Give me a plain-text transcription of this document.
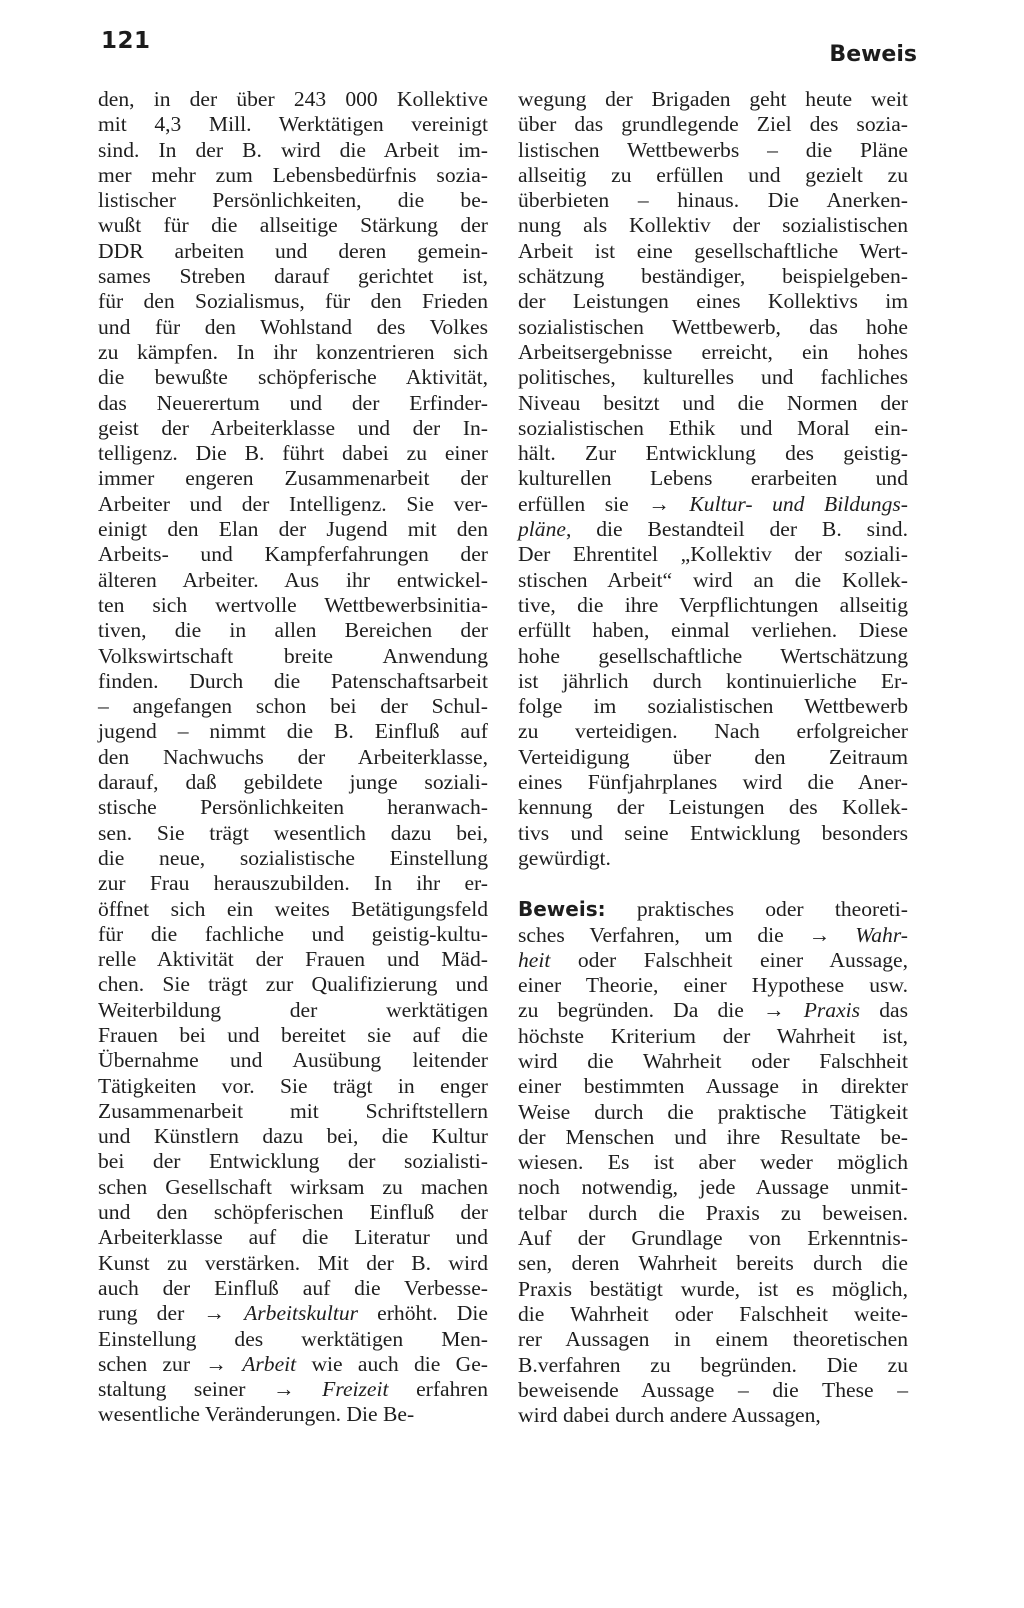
121
Beweis
den, in der über 243 000 Kollektive
mit 4,3 Mill. Werktätigen vereinigt
sind. In der B. wird die Arbeit im-
mer mehr zum Lebensbedürfnis sozia-
listischer Persönlichkeiten, die be-
wußt für die allseitige Stärkung der
DDR arbeiten und deren gemein-
sames Streben darauf gerichtet ist,
für den Sozialismus, für den Frieden
und für den Wohlstand des Volkes
zu kämpfen. In ihr konzentrieren sich
die bewußte schöpferische Aktivität,
das Neuerertum und der Erfinder-
geist der Arbeiterklasse und der In-
telligenz. Die B. führt dabei zu einer
immer engeren Zusammenarbeit der
Arbeiter und der Intelligenz. Sie ver-
einigt den Elan der Jugend mit den
Arbeits- und Kampferfahrungen der
älteren Arbeiter. Aus ihr entwickel-
ten sich wertvolle Wettbewerbsinitia-
tiven, die in allen Bereichen der
Volkswirtschaft breite Anwendung
finden. Durch die Patenschaftsarbeit
– angefangen schon bei der Schul-
jugend – nimmt die B. Einfluß auf
den Nachwuchs der Arbeiterklasse,
darauf, daß gebildete junge soziali-
stische Persönlichkeiten heranwach-
sen. Sie trägt wesentlich dazu bei,
die neue, sozialistische Einstellung
zur Frau herauszubilden. In ihr er-
öffnet sich ein weites Betätigungsfeld
für die fachliche und geistig-kultu-
relle Aktivität der Frauen und Mäd-
chen. Sie trägt zur Qualifizierung und
Weiterbildung der werktätigen
Frauen bei und bereitet sie auf die
Übernahme und Ausübung leitender
Tätigkeiten vor. Sie trägt in enger
Zusammenarbeit mit Schriftstellern
und Künstlern dazu bei, die Kultur
bei der Entwicklung der sozialisti-
schen Gesellschaft wirksam zu machen
und den schöpferischen Einfluß der
Arbeiterklasse auf die Literatur und
Kunst zu verstärken. Mit der B. wird
auch der Einfluß auf die Verbesse-
rung der → Arbeitskultur erhöht. Die
Einstellung des werktätigen Men-
schen zur → Arbeit wie auch die Ge-
staltung seiner → Freizeit erfahren
wesentliche Veränderungen. Die Be-
wegung der Brigaden geht heute weit
über das grundlegende Ziel des sozia-
listischen Wettbewerbs – die Pläne
allseitig zu erfüllen und gezielt zu
überbieten – hinaus. Die Anerken-
nung als Kollektiv der sozialistischen
Arbeit ist eine gesellschaftliche Wert-
schätzung beständiger, beispielgeben-
der Leistungen eines Kollektivs im
sozialistischen Wettbewerb, das hohe
Arbeitsergebnisse erreicht, ein hohes
politisches, kulturelles und fachliches
Niveau besitzt und die Normen der
sozialistischen Ethik und Moral ein-
hält. Zur Entwicklung des geistig-
kulturellen Lebens erarbeiten und
erfüllen sie → Kultur- und Bildungs-
pläne, die Bestandteil der B. sind.
Der Ehrentitel „Kollektiv der soziali-
stischen Arbeit“ wird an die Kollek-
tive, die ihre Verpflichtungen allseitig
erfüllt haben, einmal verliehen. Diese
hohe gesellschaftliche Wertschätzung
ist jährlich durch kontinuierliche Er-
folge im sozialistischen Wettbewerb
zu verteidigen. Nach erfolgreicher
Verteidigung über den Zeitraum
eines Fünfjahrplanes wird die Aner-
kennung der Leistungen des Kollek-
tivs und seine Entwicklung besonders
gewürdigt.
Beweis: praktisches oder theoreti-
sches Verfahren, um die → Wahr-
heit oder Falschheit einer Aussage,
einer Theorie, einer Hypothese usw.
zu begründen. Da die → Praxis das
höchste Kriterium der Wahrheit ist,
wird die Wahrheit oder Falschheit
einer bestimmten Aussage in direkter
Weise durch die praktische Tätigkeit
der Menschen und ihre Resultate be-
wiesen. Es ist aber weder möglich
noch notwendig, jede Aussage unmit-
telbar durch die Praxis zu beweisen.
Auf der Grundlage von Erkenntnis-
sen, deren Wahrheit bereits durch die
Praxis bestätigt wurde, ist es möglich,
die Wahrheit oder Falschheit weite-
rer Aussagen in einem theoretischen
B.verfahren zu begründen. Die zu
beweisende Aussage – die These –
wird dabei durch andere Aussagen,
